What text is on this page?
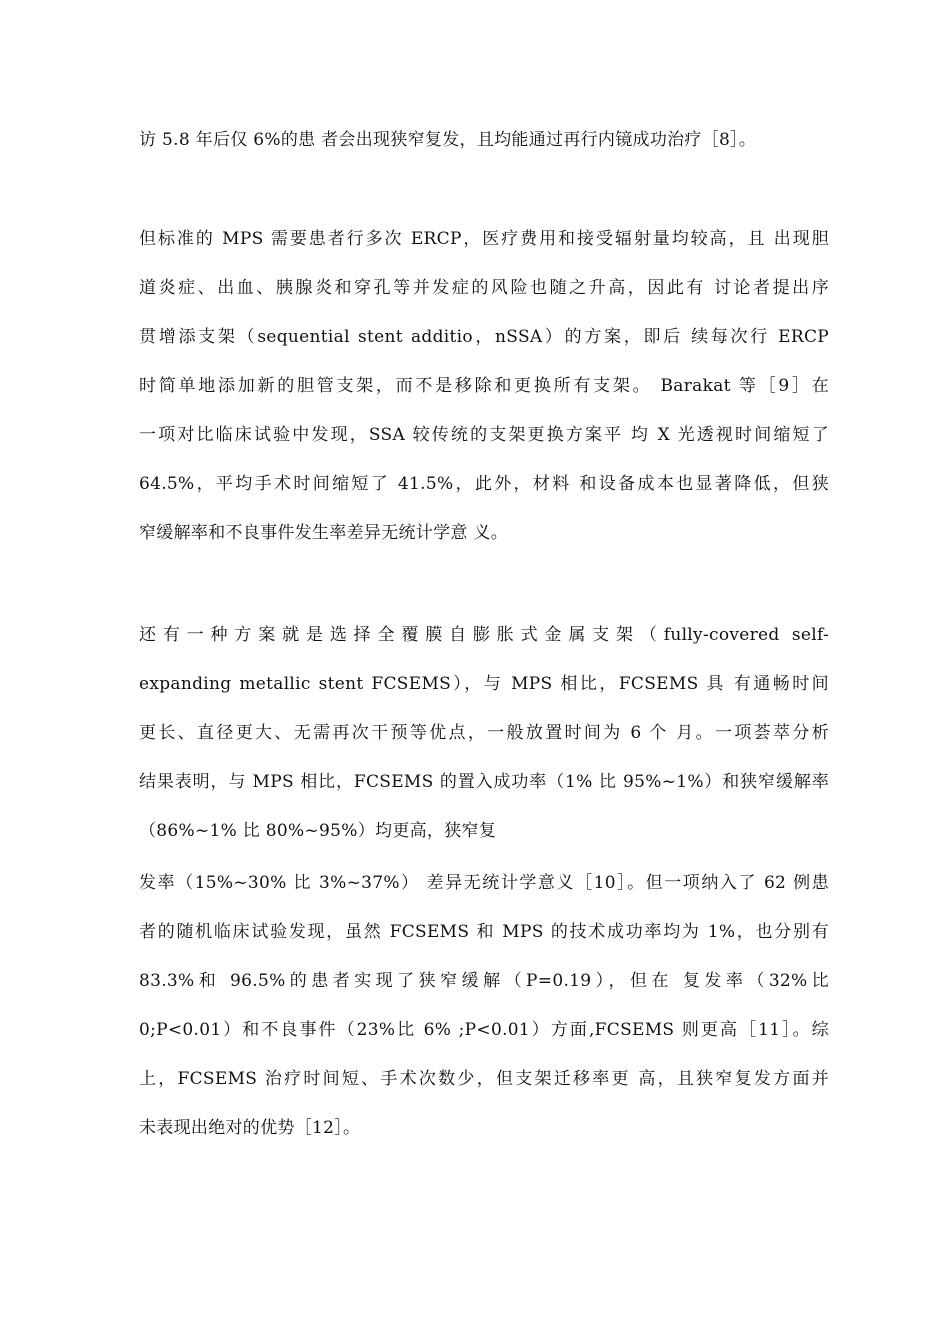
访 5.8 年后仅 6%的患 者会出现狭窄复发，且均能通过再行内镜成功治疗［8］。
但标准的 MPS 需要患者行多次 ERCP，医疗费用和接受辐射量均较高，且 出现胆
道炎症、出血、胰腺炎和穿孔等并发症的风险也随之升高，因此有 讨论者提出序
贯增添支架（sequential stent additio，nSSA）的方案，即后 续每次行 ERCP
时简单地添加新的胆管支架，而不是移除和更换所有支架。 Barakat 等［9］在
一项对比临床试验中发现，SSA 较传统的支架更换方案平 均 X 光透视时间缩短了
64.5%，平均手术时间缩短了 41.5%，此外，材料 和设备成本也显著降低，但狭
窄缓解率和不良事件发生率差异无统计学意 义。
还有一种方案就是选择全覆膜自膨胀式金属支架（fully-covered self-
expanding metallic stent FCSEMS），与 MPS 相比，FCSEMS 具 有通畅时间
更长、直径更大、无需再次干预等优点，一般放置时间为 6 个 月。一项荟萃分析
结果表明，与 MPS 相比，FCSEMS 的置入成功率（1% 比 95%~1%）和狭窄缓解率
（86%~1% 比 80%~95%）均更高，狭窄复
发率（15%~30% 比 3%~37%） 差异无统计学意义［10］。但一项纳入了 62 例患
者的随机临床试验发现，虽然 FCSEMS 和 MPS 的技术成功率均为 1%，也分别有
83.3%和 96.5%的患者实现了狭窄缓解（P=0.19），但在 复发率（32%比
0;P<0.01）和不良事件（23%比 6% ;P<0.01）方面,FCSEMS 则更高［11］。综
上，FCSEMS 治疗时间短、手术次数少，但支架迁移率更 高，且狭窄复发方面并
未表现出绝对的优势［12］。
